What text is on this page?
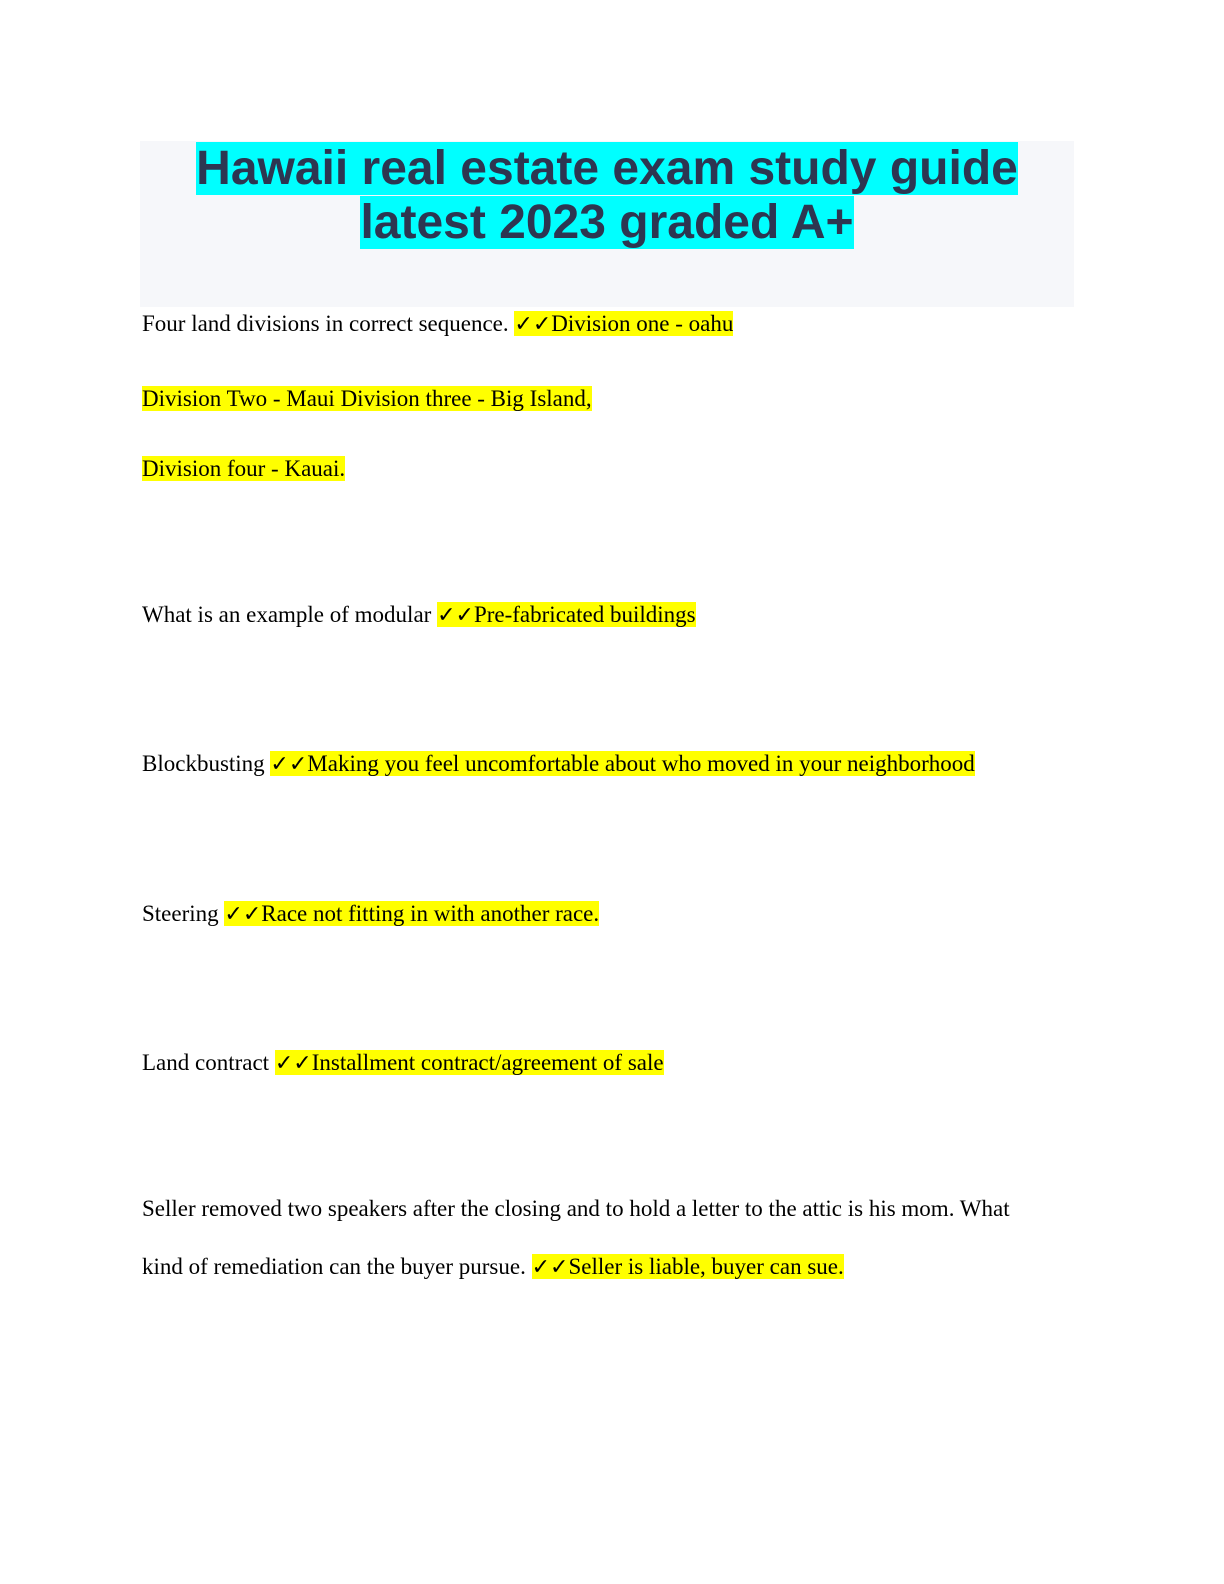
Hawaii real estate exam study guide
latest 2023 graded A+
Four land divisions in correct sequence. ✓✓Division one - oahu
Division Two - Maui Division three - Big Island,
Division four - Kauai.
What is an example of modular ✓✓Pre-fabricated buildings
Blockbusting ✓✓Making you feel uncomfortable about who moved in your neighborhood
Steering ✓✓Race not fitting in with another race.
Land contract ✓✓Installment contract/agreement of sale
Seller removed two speakers after the closing and to hold a letter to the attic is his mom. What
kind of remediation can the buyer pursue. ✓✓Seller is liable, buyer can sue.
